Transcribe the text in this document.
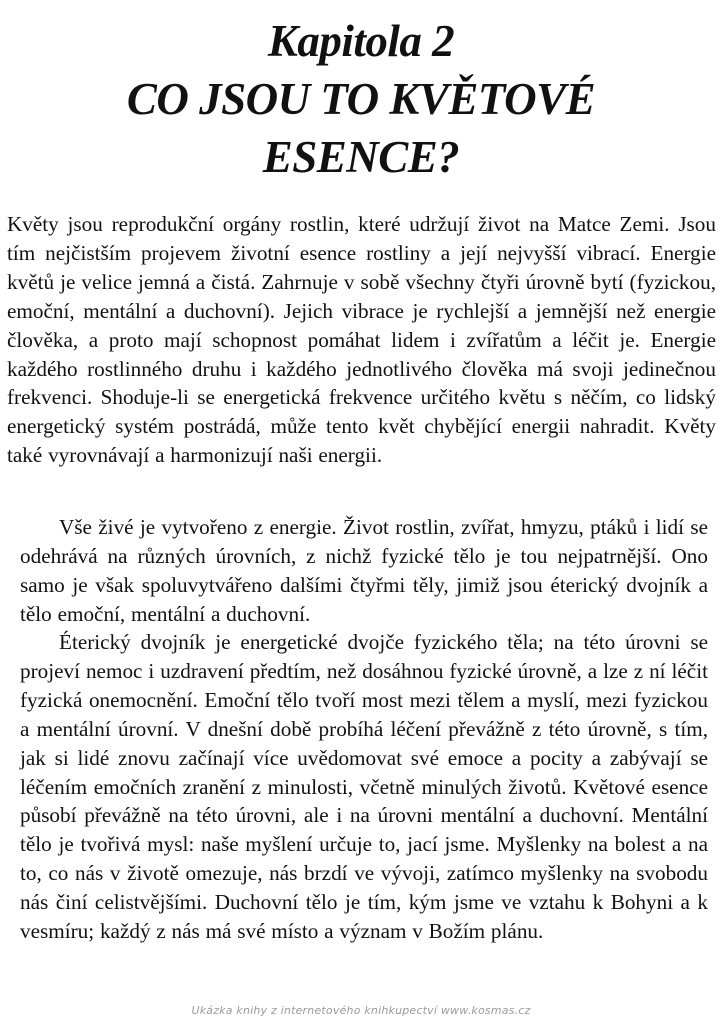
Kapitola 2
CO JSOU TO KVĚTOVÉ
ESENCE?

Květy jsou reprodukční orgány rostlin, které udržují život na Matce Zemi. Jsou tím nejčistším projevem životní esence rostliny a její nejvyšší vibrací. Energie květů je velice jemná a čistá. Zahrnuje v sobě všechny čtyři úrovně bytí (fyzickou, emoční, mentální a duchovní). Jejich vibrace je rychlejší a jemnější než energie člověka, a proto mají schopnost pomáhat lidem i zvířatům a léčit je. Energie každého rostlinného druhu i každého jednotlivého člověka má svoji jedinečnou frekvenci. Shoduje-li se energetická frekvence určitého květu s něčím, co lidský energetický systém postrádá, může tento květ chybějící energii nahradit. Květy také vyrovnávají a harmonizují naši energii.

Vše živé je vytvořeno z energie. Život rostlin, zvířat, hmyzu, ptáků i lidí se odehrává na různých úrovních, z nichž fyzické tělo je tou nejpatrnější. Ono samo je však spoluvytvářeno dalšími čtyřmi těly, jimiž jsou éterický dvojník a tělo emoční, mentální a duchovní.

Éterický dvojník je energetické dvojče fyzického těla; na této úrovni se projeví nemoc i uzdravení předtím, než dosáhnou fyzické úrovně, a lze z ní léčit fyzická onemocnění. Emoční tělo tvoří most mezi tělem a myslí, mezi fyzickou a mentální úrovní. V dnešní době probíhá léčení převážně z této úrovně, s tím, jak si lidé znovu začínají více uvědomovat své emoce a pocity a zabývají se léčením emočních zranění z minulosti, včetně minulých životů. Květové esence působí převážně na této úrovni, ale i na úrovni mentální a duchovní. Mentální tělo je tvořivá mysl: naše myšlení určuje to, jací jsme. Myšlenky na bolest a na to, co nás v životě omezuje, nás brzdí ve vývoji, zatímco myšlenky na svobodu nás činí celistvějšími. Duchovní tělo je tím, kým jsme ve vztahu k Bohyni a k vesmíru; každý z nás má své místo a význam v Božím plánu.

Ukázka knihy z internetového knihkupectví www.kosmas.cz
